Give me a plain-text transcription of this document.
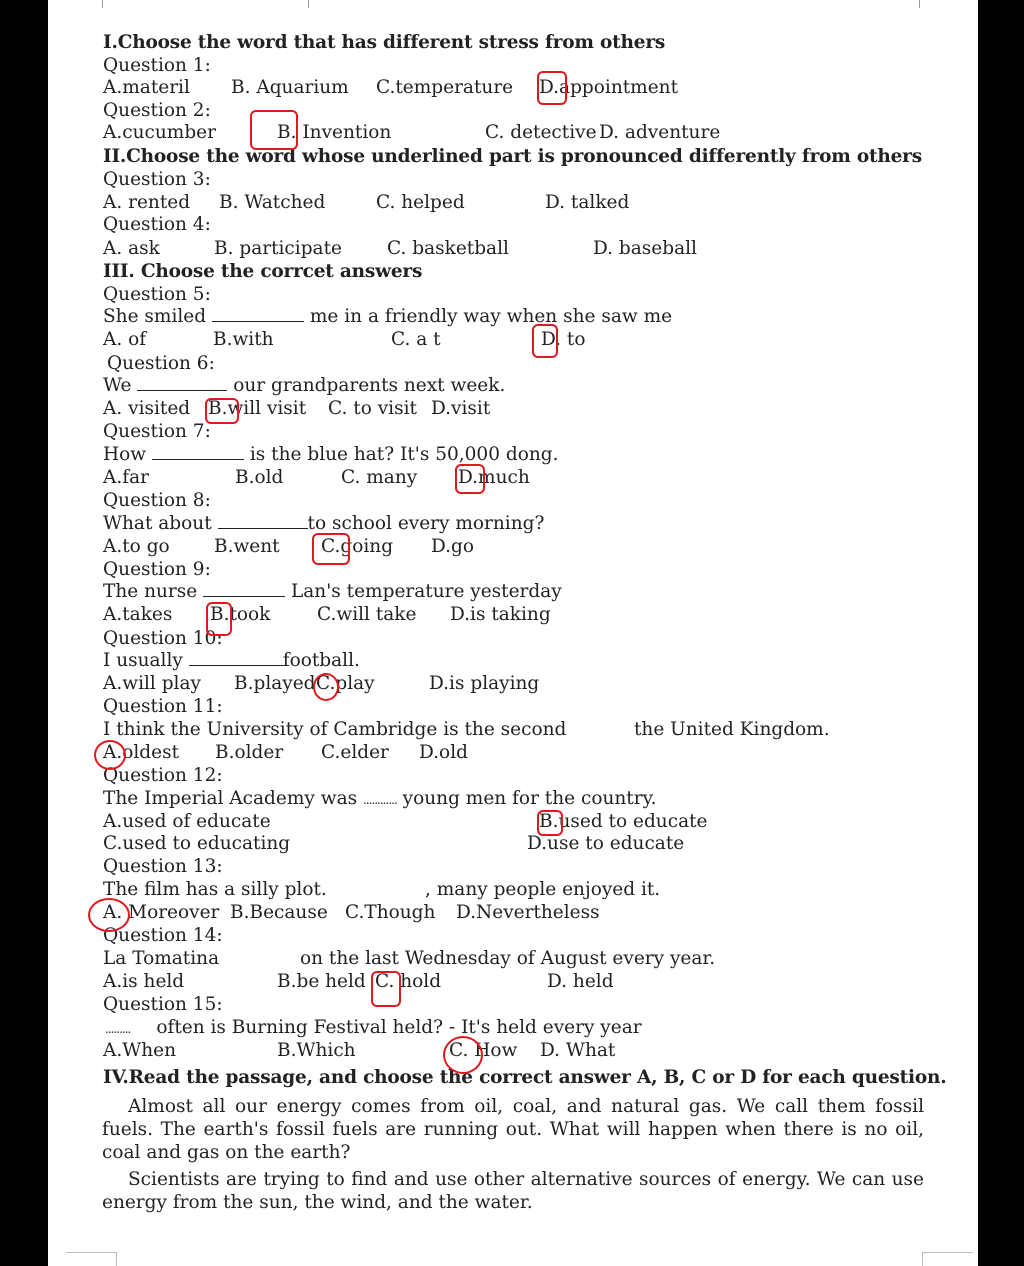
I.Choose the word that has different stress from others
Question 1:
A.materil B. Aquarium C.temperature D.appointment
Question 2:
A.cucumber	B. Invention	C. detective D. adventure
II.Choose the word whose underlined part is pronounced differently from others
Question 3:
A. rented B. Watched	C. helped	D. talked
Question 4:
A. ask	B. participate C. basketball	D. baseball
III. Choose the corrcet answers
Question 5:
She smiled	me in a friendly way when she saw me
A. of	B.with	C. a t	D. to
Question 6:
We	our grandparents next week.
A. visited B.will visit C. to visit D.visit
Question 7:
How	is the blue hat? It's 50,000 dong.
A.far	B.old	C. many D.much
Question 8:
What about	to school every morning?
A.to go B.went C.going D.go
Question 9:
The nurse	Lan's temperature yesterday
A.takes B.took	C.will take D.is taking
Question 10:
I usually	football.
A.will play B.played C.play	D.is playing
Question 11:
I think the University of Cambridge is the second	the United Kingdom.
A.oldest B.older C.elder D.old
Question 12:
The Imperial Academy was ............ young men for the country.
A.used of educate	B.used to educate
C.used to educating	D.use to educate
Question 13:
The film has a silly plot.	, many people enjoyed it.
A. Moreover B.Because C.Though D.Nevertheless
Question 14:
La Tomatina	on the last Wednesday of August every year.
A.is held	B.be held C. hold	D. held
Question 15:
......... often is Burning Festival held? - It's held every year
A.When	B.Which	C. How D. What
IV.Read the passage, and choose the correct answer A, B, C or D for each question.
Almost all our energy comes from oil, coal, and natural gas. We call them fossil fuels. The earth's fossil fuels are running out. What will happen when there is no oil, coal and gas on the earth?
Scientists are trying to find and use other alternative sources of energy. We can use energy from the sun, the wind, and the water.
